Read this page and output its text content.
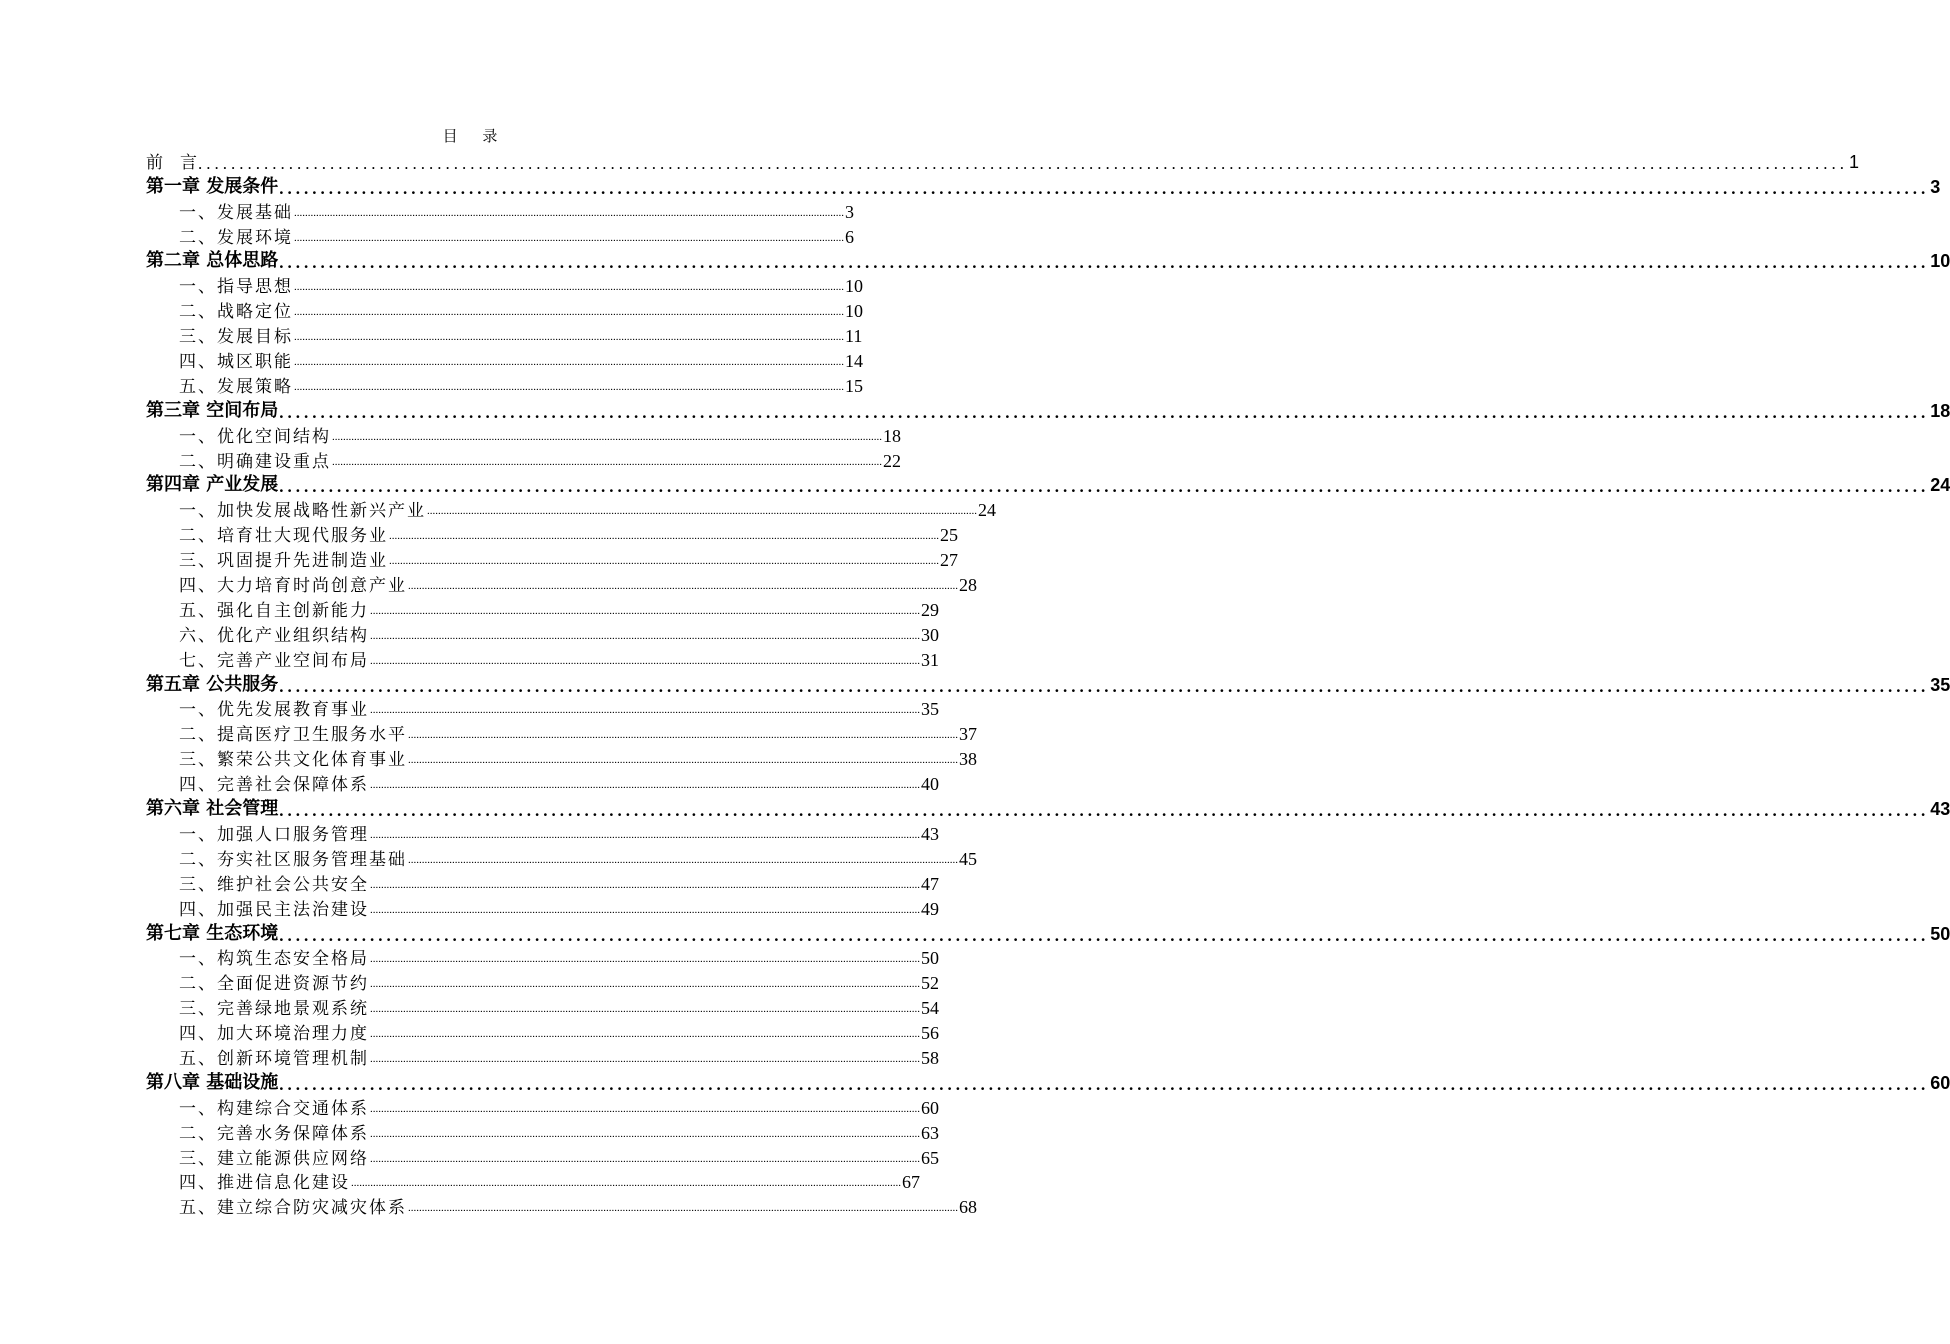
目 录
前　言 ........................................................................................................................................................................................................ 1
第一章 发展条件 ........................................................................................................................................................................................................ 3
一、发展基础 ........................................................................................................................................................................................................ 3
二、发展环境 ........................................................................................................................................................................................................ 6
第二章 总体思路 ........................................................................................................................................................................................................ 10
一、指导思想 ........................................................................................................................................................................................................ 10
二、战略定位 ........................................................................................................................................................................................................ 10
三、发展目标 ........................................................................................................................................................................................................ 11
四、城区职能 ........................................................................................................................................................................................................ 14
五、发展策略 ........................................................................................................................................................................................................ 15
第三章 空间布局 ........................................................................................................................................................................................................ 18
一、优化空间结构 ........................................................................................................................................................................................................ 18
二、明确建设重点 ........................................................................................................................................................................................................ 22
第四章 产业发展 ........................................................................................................................................................................................................ 24
一、加快发展战略性新兴产业 ........................................................................................................................................................................................................ 24
二、培育壮大现代服务业 ........................................................................................................................................................................................................ 25
三、巩固提升先进制造业 ........................................................................................................................................................................................................ 27
四、大力培育时尚创意产业 ........................................................................................................................................................................................................ 28
五、强化自主创新能力 ........................................................................................................................................................................................................ 29
六、优化产业组织结构 ........................................................................................................................................................................................................ 30
七、完善产业空间布局 ........................................................................................................................................................................................................ 31
第五章 公共服务 ........................................................................................................................................................................................................ 35
一、优先发展教育事业 ........................................................................................................................................................................................................ 35
二、提高医疗卫生服务水平 ........................................................................................................................................................................................................ 37
三、繁荣公共文化体育事业 ........................................................................................................................................................................................................ 38
四、完善社会保障体系 ........................................................................................................................................................................................................ 40
第六章 社会管理 ........................................................................................................................................................................................................ 43
一、加强人口服务管理 ........................................................................................................................................................................................................ 43
二、夯实社区服务管理基础 ........................................................................................................................................................................................................ 45
三、维护社会公共安全 ........................................................................................................................................................................................................ 47
四、加强民主法治建设 ........................................................................................................................................................................................................ 49
第七章 生态环境 ........................................................................................................................................................................................................ 50
一、构筑生态安全格局 ........................................................................................................................................................................................................ 50
二、全面促进资源节约 ........................................................................................................................................................................................................ 52
三、完善绿地景观系统 ........................................................................................................................................................................................................ 54
四、加大环境治理力度 ........................................................................................................................................................................................................ 56
五、创新环境管理机制 ........................................................................................................................................................................................................ 58
第八章 基础设施 ........................................................................................................................................................................................................ 60
一、构建综合交通体系 ........................................................................................................................................................................................................ 60
二、完善水务保障体系 ........................................................................................................................................................................................................ 63
三、建立能源供应网络 ........................................................................................................................................................................................................ 65
四、推进信息化建设 ........................................................................................................................................................................................................ 67
五、建立综合防灾减灾体系 ........................................................................................................................................................................................................ 68
